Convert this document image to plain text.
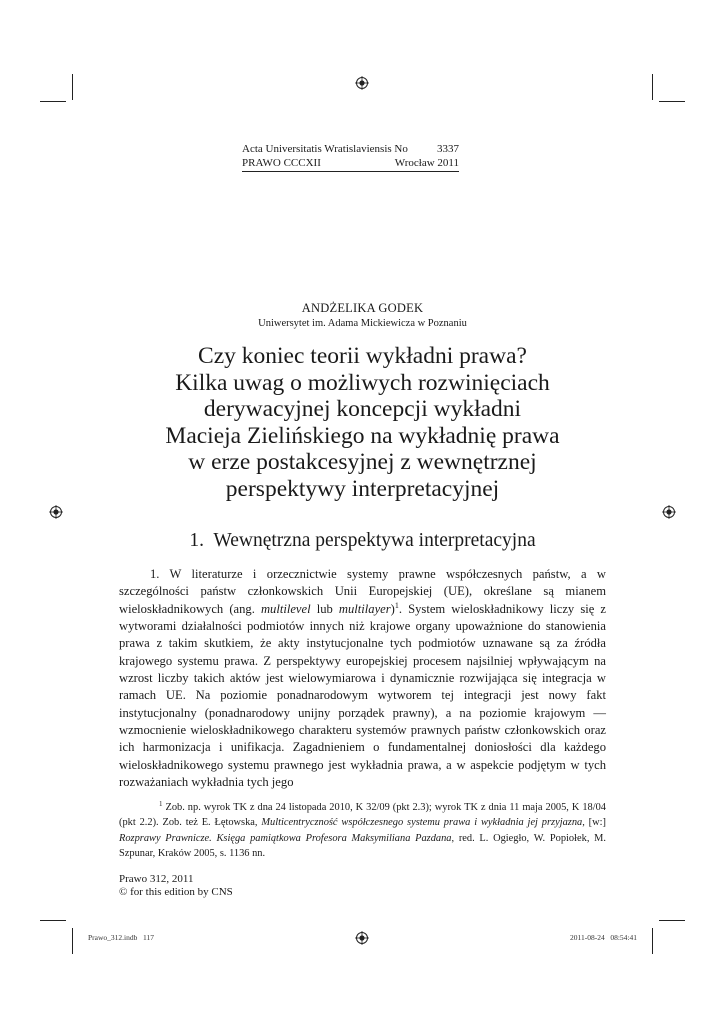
Acta Universitatis Wratislaviensis No	3337
PRAWO CCCXII	Wrocław 2011
ANDŻELIKA GODEK
Uniwersytet im. Adama Mickiewicza w Poznaniu
Czy koniec teorii wykładni prawa?
Kilka uwag o możliwych rozwinięciach
derywacyjnej koncepcji wykładni
Macieja Zielińskiego na wykładnię prawa
w erze postakcesyjnej z wewnętrznej
perspektywy interpretacyjnej
1. Wewnętrzna perspektywa interpretacyjna

1. W literaturze i orzecznictwie systemy prawne współczesnych państw, a w szczególności państw członkowskich Unii Europejskiej (UE), określane są mianem wieloskładnikowych (ang. multilevel lub multilayer)$^1$. System wieloskładnikowy liczy się z wytworami działalności podmiotów innych niż krajowe organy upoważnione do stanowienia prawa z takim skutkiem, że akty instytucjonalne tych podmiotów uznawane są za źródła krajowego systemu prawa. Z perspektywy europejskiej procesem najsilniej wpływającym na wzrost liczby takich aktów jest wielowymiarowa i dynamicznie rozwijająca się integracja w ramach UE. Na poziomie ponadnarodowym wytworem tej integracji jest nowy fakt instytucjonalny (ponadnarodowy unijny porządek prawny), a na poziomie krajowym — wzmocnienie wieloskładnikowego charakteru systemów prawnych państw członkowskich oraz ich harmonizacja i unifikacja. Zagadnieniem o fundamentalnej doniosłości dla każdego wieloskładnikowego systemu prawnego jest wykładnia prawa, a w aspekcie podjętym w tych rozważaniach wykładnia tych jego

$^1$ Zob. np. wyrok TK z dna 24 listopada 2010, K 32/09 (pkt 2.3); wyrok TK z dnia 11 maja 2005, K 18/04 (pkt 2.2). Zob. też E. Łętowska, Multicentryczność współczesnego systemu prawa i wykładnia jej przyjazna, [w:] Rozprawy Prawnicze. Księga pamiątkowa Profesora Maksymiliana Pazdana, red. L. Ogiegło, W. Popiołek, M. Szpunar, Kraków 2005, s. 1136 nn.
Prawo 312, 2011
© for this edition by CNS
Prawo_312.indb   117	2011-08-24   08:54:41
